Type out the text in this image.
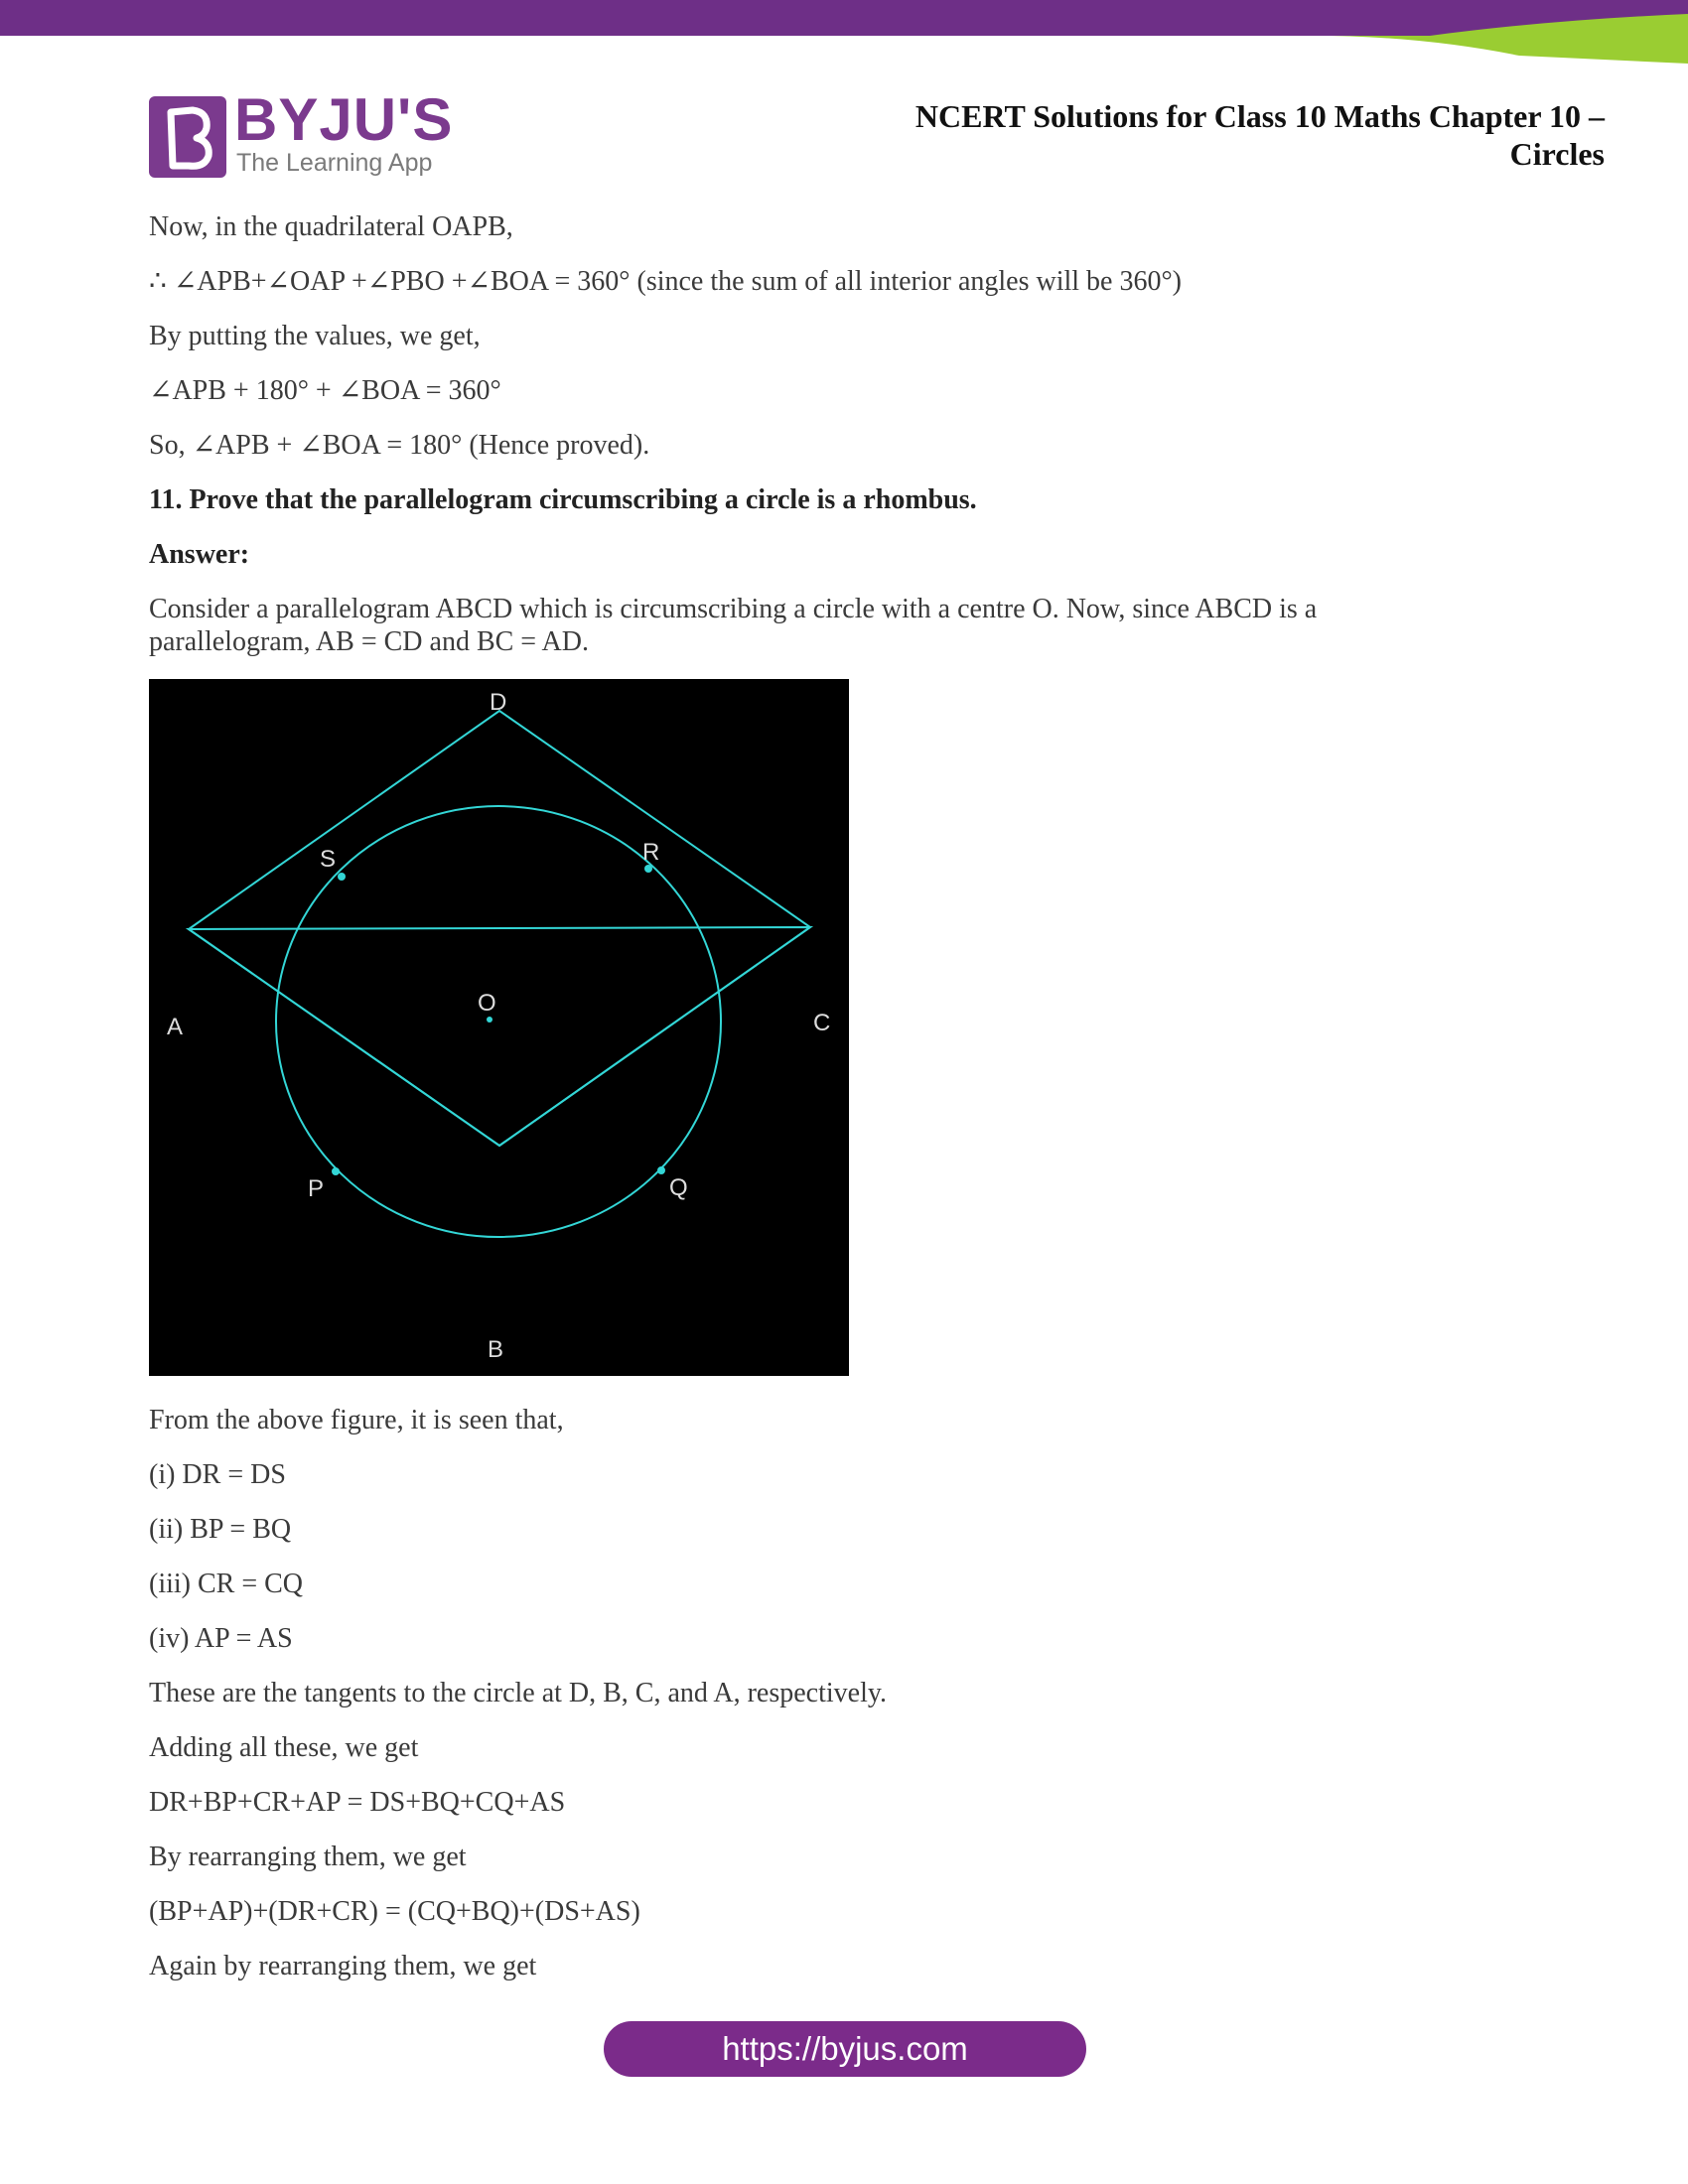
BYJU'S
The Learning App
NCERT Solutions for Class 10 Maths Chapter 10 –
Circles

Now, in the quadrilateral OAPB,

∴ ∠APB+∠OAP +∠PBO +∠BOA = 360° (since the sum of all interior angles will be 360°)

By putting the values, we get,

∠APB + 180° + ∠BOA = 360°

So, ∠APB + ∠BOA = 180° (Hence proved).

11. Prove that the parallelogram circumscribing a circle is a rhombus.

Answer:

Consider a parallelogram ABCD which is circumscribing a circle with a centre O. Now, since ABCD is a
parallelogram, AB = CD and BC = AD.

D
S	R
O
A	C
P	Q
B

From the above figure, it is seen that,

(i) DR = DS

(ii) BP = BQ

(iii) CR = CQ

(iv) AP = AS

These are the tangents to the circle at D, B, C, and A, respectively.

Adding all these, we get

DR+BP+CR+AP = DS+BQ+CQ+AS

By rearranging them, we get

(BP+AP)+(DR+CR) = (CQ+BQ)+(DS+AS)

Again by rearranging them, we get

https://byjus.com
